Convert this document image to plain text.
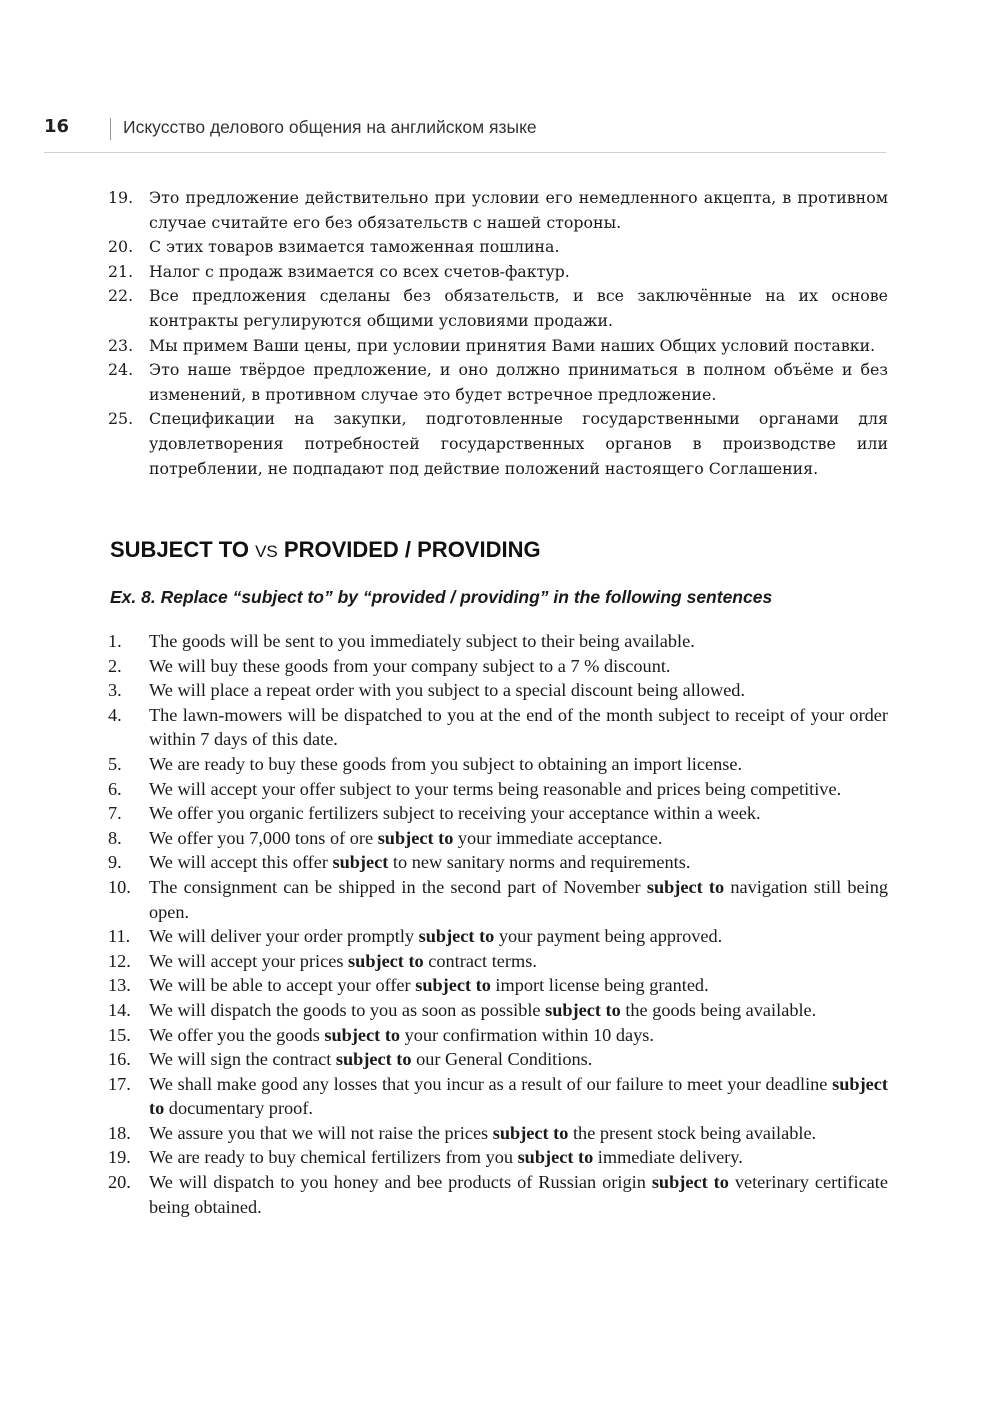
16	Искусство делового общения на английском языке
19. Это предложение действительно при условии его немедленного акцепта, в противном случае считайте его без обязательств с нашей стороны.
20. С этих товаров взимается таможенная пошлина.
21. Налог с продаж взимается со всех счетов-фактур.
22. Все предложения сделаны без обязательств, и все заключённые на их основе контракты регулируются общими условиями продажи.
23. Мы примем Ваши цены, при условии принятия Вами наших Общих условий поставки.
24. Это наше твёрдое предложение, и оно должно приниматься в полном объёме и без изменений, в противном случае это будет встречное предложение.
25. Спецификации на закупки, подготовленные государственными органами для удовлетворения потребностей государственных органов в производстве или потреблении, не подпадают под действие положений настоящего Соглашения.
SUBJECT TO VS PROVIDED / PROVIDING
Ex. 8. Replace “subject to” by “provided / providing” in the following sentences
1. The goods will be sent to you immediately subject to their being available.
2. We will buy these goods from your company subject to a 7 % discount.
3. We will place a repeat order with you subject to a special discount being allowed.
4. The lawn-mowers will be dispatched to you at the end of the month subject to receipt of your order within 7 days of this date.
5. We are ready to buy these goods from you subject to obtaining an import license.
6. We will accept your offer subject to your terms being reasonable and prices being competitive.
7. We offer you organic fertilizers subject to receiving your acceptance within a week.
8. We offer you 7,000 tons of ore subject to your immediate acceptance.
9. We will accept this offer subject to new sanitary norms and requirements.
10. The consignment can be shipped in the second part of November subject to navigation still being open.
11. We will deliver your order promptly subject to your payment being approved.
12. We will accept your prices subject to contract terms.
13. We will be able to accept your offer subject to import license being granted.
14. We will dispatch the goods to you as soon as possible subject to the goods being available.
15. We offer you the goods subject to your confirmation within 10 days.
16. We will sign the contract subject to our General Conditions.
17. We shall make good any losses that you incur as a result of our failure to meet your deadline subject to documentary proof.
18. We assure you that we will not raise the prices subject to the present stock being available.
19. We are ready to buy chemical fertilizers from you subject to immediate delivery.
20. We will dispatch to you honey and bee products of Russian origin subject to veterinary certificate being obtained.
